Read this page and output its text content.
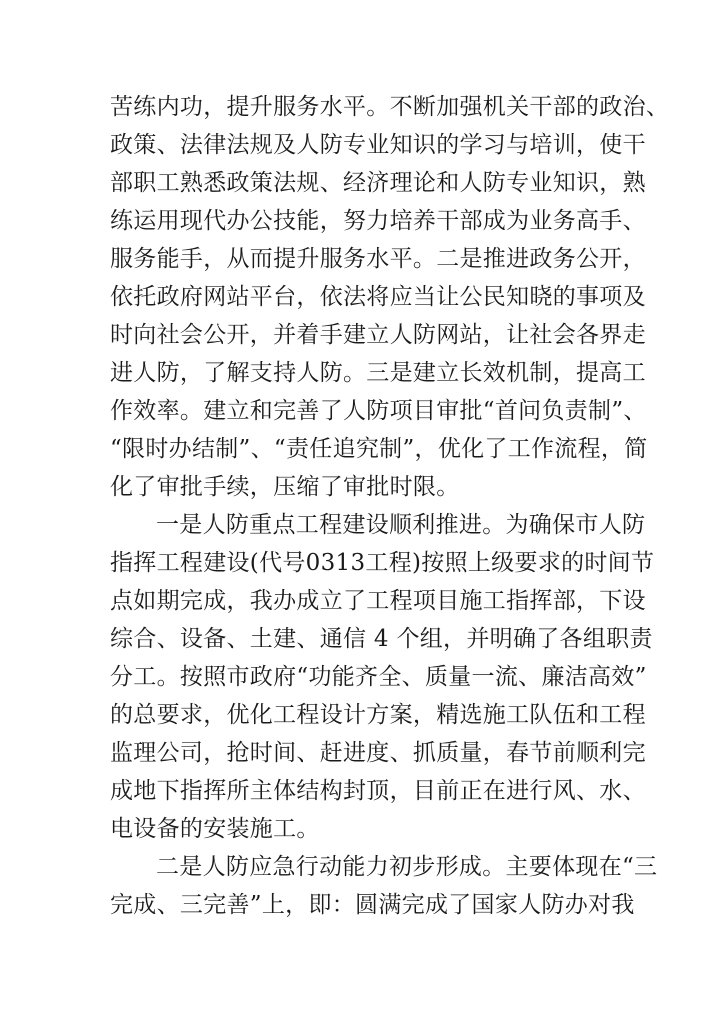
苦练内功，提升服务水平。不断加强机关干部的政治、
政策、法律法规及人防专业知识的学习与培训，使干
部职工熟悉政策法规、经济理论和人防专业知识，熟
练运用现代办公技能，努力培养干部成为业务高手、
服务能手，从而提升服务水平。二是推进政务公开，
依托政府网站平台，依法将应当让公民知晓的事项及
时向社会公开，并着手建立人防网站，让社会各界走
进人防，了解支持人防。三是建立长效机制，提高工
作效率。建立和完善了人防项目审批“首问负责制”、
“限时办结制”、“责任追究制”，优化了工作流程，简
化了审批手续，压缩了审批时限。
一是人防重点工程建设顺利推进。为确保市人防
指挥工程建设(代号0313工程)按照上级要求的时间节
点如期完成，我办成立了工程项目施工指挥部，下设
综合、设备、土建、通信 4 个组，并明确了各组职责
分工。按照市政府“功能齐全、质量一流、廉洁高效”
的总要求，优化工程设计方案，精选施工队伍和工程
监理公司，抢时间、赶进度、抓质量，春节前顺利完
成地下指挥所主体结构封顶，目前正在进行风、水、
电设备的安装施工。
二是人防应急行动能力初步形成。主要体现在“三
完成、三完善”上，即：圆满完成了国家人防办对我
